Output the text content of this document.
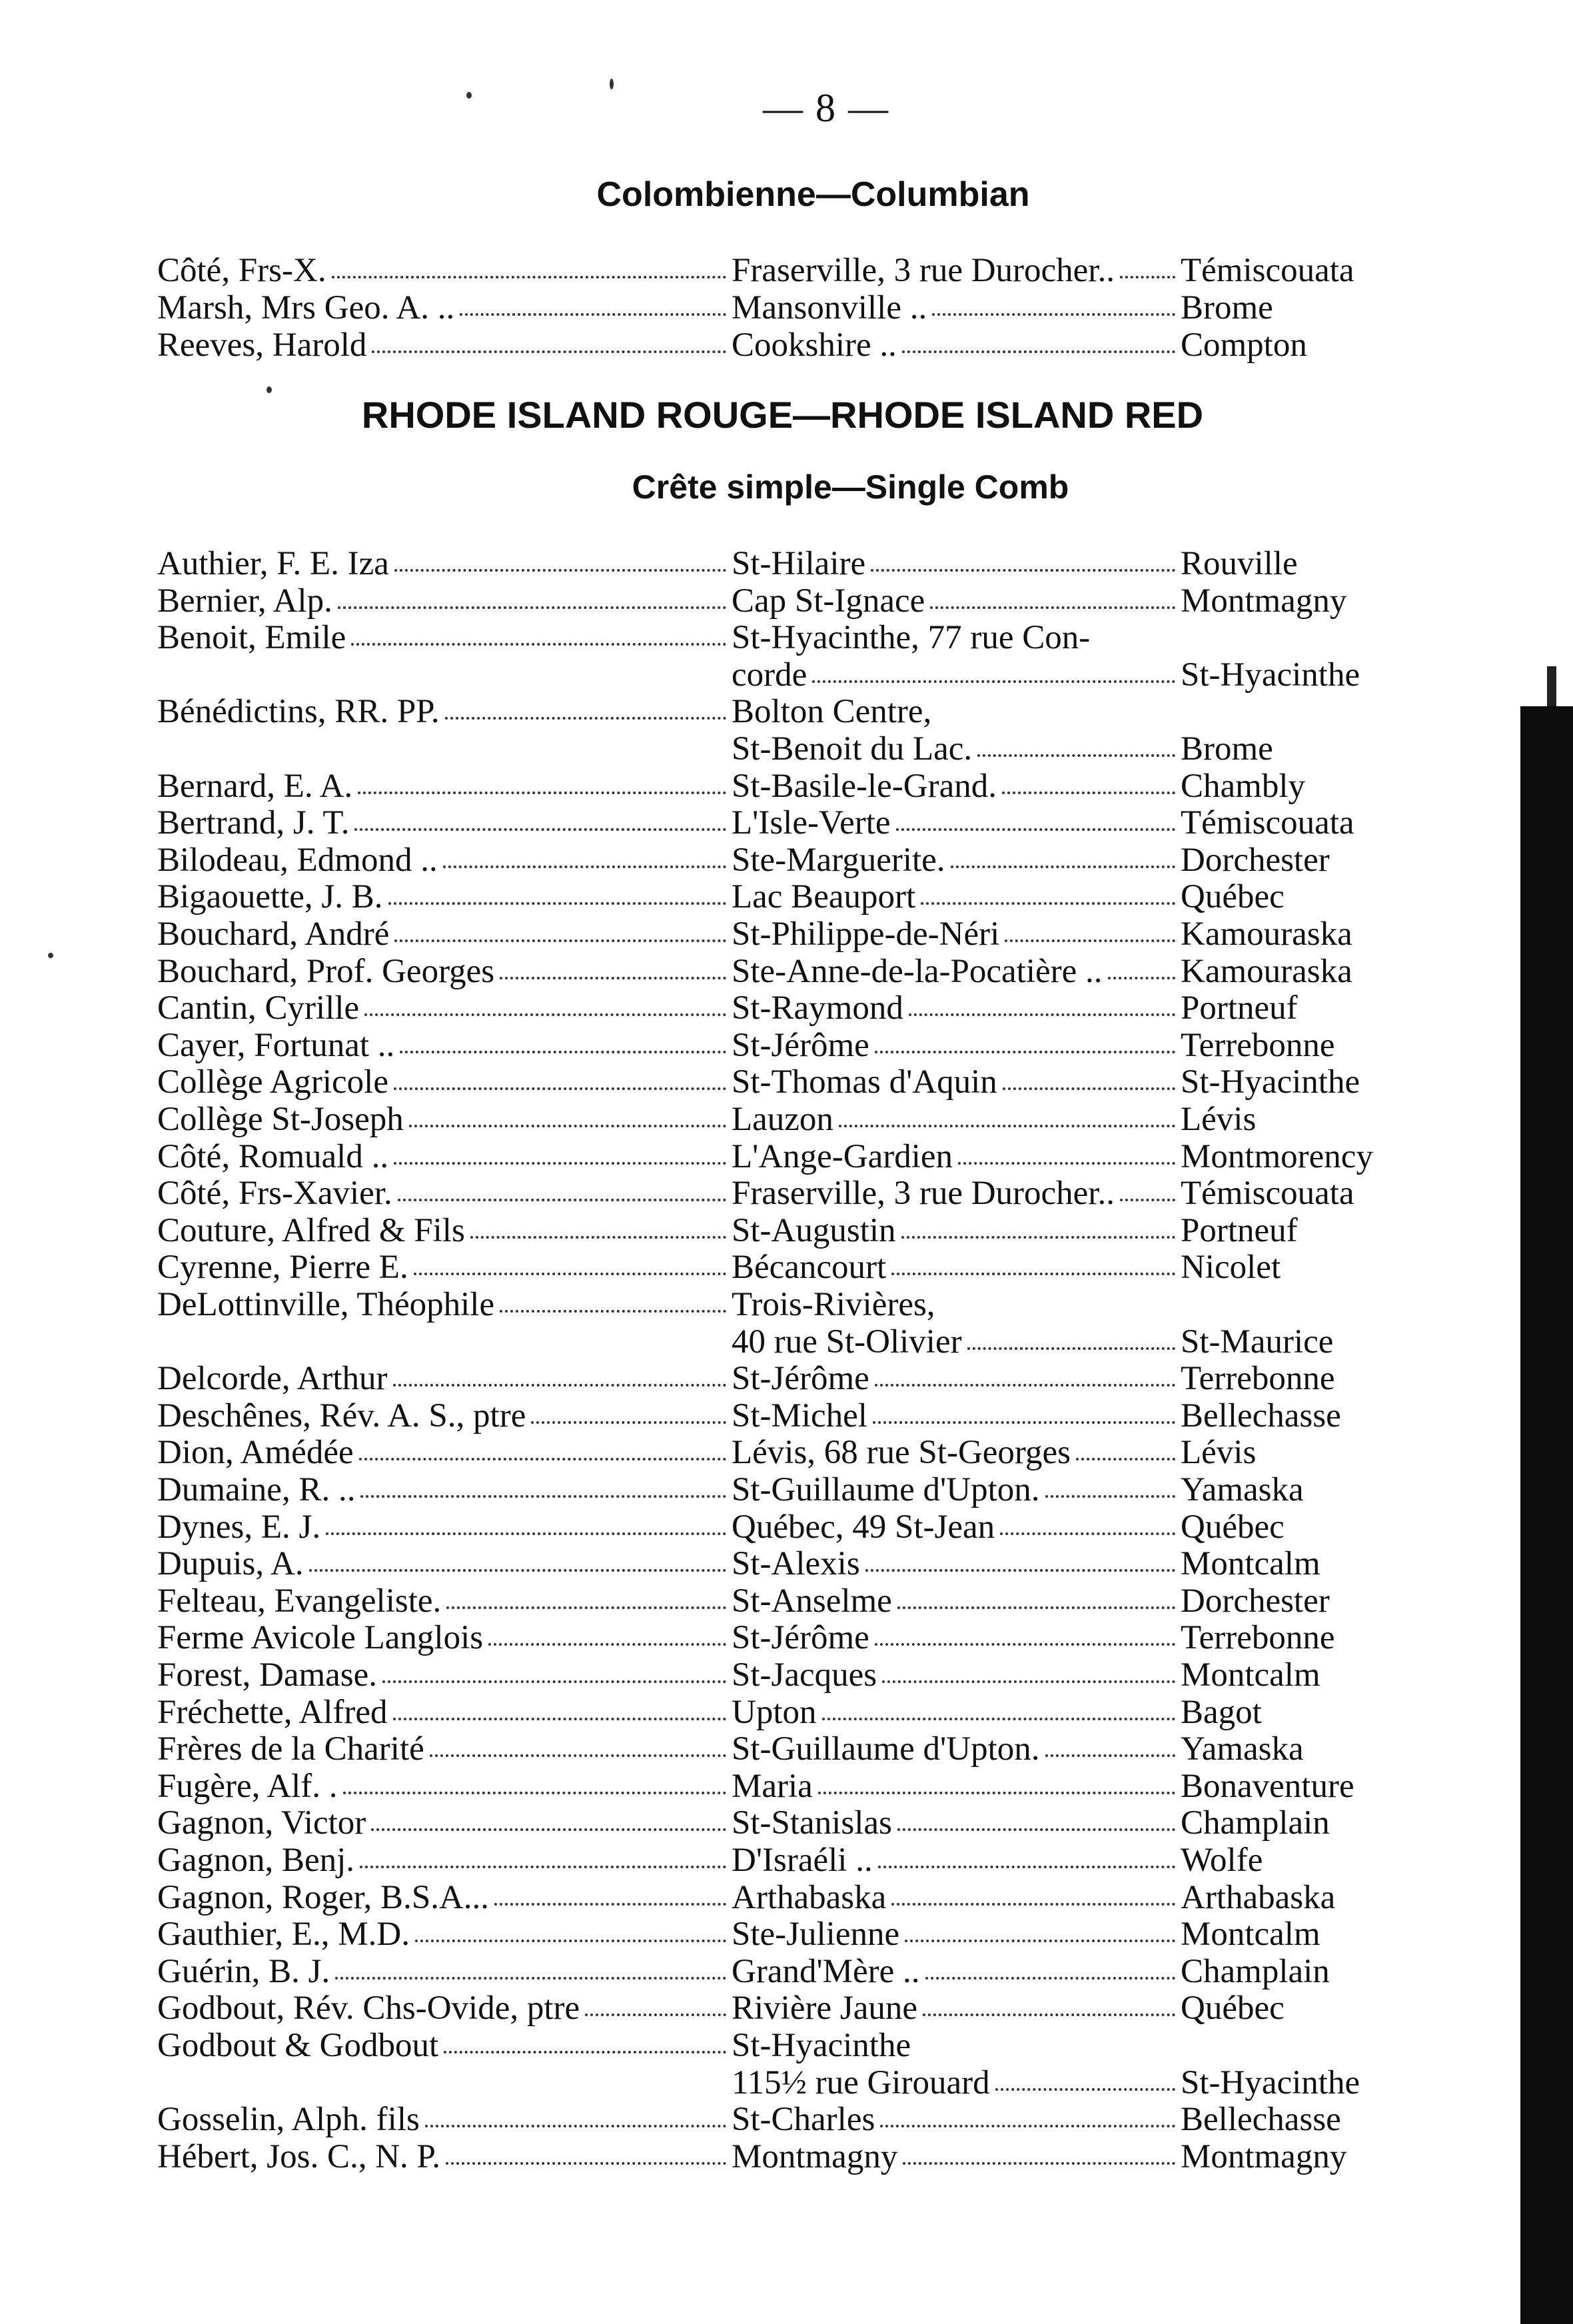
— 8 —
Colombienne—Columbian
RHODE ISLAND ROUGE—RHODE ISLAND RED
Crête simple—Single Comb
Côté, Frs-X.	Fraserville, 3 rue Durocher.. Témiscouata
Marsh, Mrs Geo. A. ..	Mansonville ..	Brome
Reeves, Harold	Cookshire ..	Compton
Authier, F. E. Iza	St-Hilaire	Rouville
Bernier, Alp.	Cap St-Ignace	Montmagny
Benoit, Emile	St-Hyacinthe, 77 rue Con-
corde	St-Hyacinthe
Bénédictins, RR. PP.	Bolton Centre,
St-Benoit du Lac.	Brome
Bernard, E. A.	St-Basile-le-Grand.	Chambly
Bertrand, J. T.	L'Isle-Verte	Témiscouata
Bilodeau, Edmond ..	Ste-Marguerite.	Dorchester
Bigaouette, J. B.	Lac Beauport	Québec
Bouchard, André	St-Philippe-de-Néri	Kamouraska
Bouchard, Prof. Georges	Ste-Anne-de-la-Pocatière .. Kamouraska
Cantin, Cyrille	St-Raymond	Portneuf
Cayer, Fortunat ..	St-Jérôme	Terrebonne
Collège Agricole	St-Thomas d'Aquin	St-Hyacinthe
Collège St-Joseph	Lauzon	Lévis
Côté, Romuald ..	L'Ange-Gardien	Montmorency
Côté, Frs-Xavier.	Fraserville, 3 rue Durocher.. Témiscouata
Couture, Alfred & Fils	St-Augustin	Portneuf
Cyrenne, Pierre E.	Bécancourt	Nicolet
DeLottinville, Théophile	Trois-Rivières,
40 rue St-Olivier	St-Maurice
Delcorde, Arthur	St-Jérôme	Terrebonne
Deschênes, Rév. A. S., ptre	St-Michel	Bellechasse
Dion, Amédée	Lévis, 68 rue St-Georges	Lévis
Dumaine, R. ..	St-Guillaume d'Upton.	Yamaska
Dynes, E. J.	Québec, 49 St-Jean	Québec
Dupuis, A.	St-Alexis	Montcalm
Felteau, Evangeliste.	St-Anselme	Dorchester
Ferme Avicole Langlois	St-Jérôme	Terrebonne
Forest, Damase.	St-Jacques	Montcalm
Fréchette, Alfred	Upton	Bagot
Frères de la Charité	St-Guillaume d'Upton.	Yamaska
Fugère, Alf. .	Maria	Bonaventure
Gagnon, Victor	St-Stanislas	Champlain
Gagnon, Benj.	D'Israéli ..	Wolfe
Gagnon, Roger, B.S.A...	Arthabaska	Arthabaska
Gauthier, E., M.D.	Ste-Julienne	Montcalm
Guérin, B. J.	Grand'Mère ..	Champlain
Godbout, Rév. Chs-Ovide, ptre	Rivière Jaune	Québec
Godbout & Godbout	St-Hyacinthe
115½ rue Girouard	St-Hyacinthe
Gosselin, Alph. fils	St-Charles	Bellechasse
Hébert, Jos. C., N. P.	Montmagny	Montmagny
